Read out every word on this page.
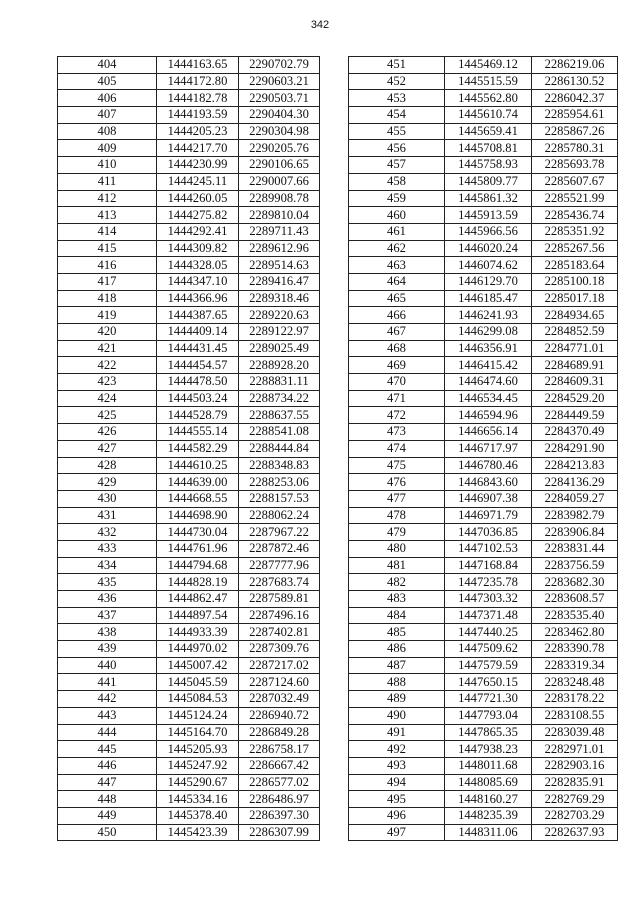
342
404	1444163.65	2290702.79
405	1444172.80	2290603.21
406	1444182.78	2290503.71
407	1444193.59	2290404.30
408	1444205.23	2290304.98
409	1444217.70	2290205.76
410	1444230.99	2290106.65
411	1444245.11	2290007.66
412	1444260.05	2289908.78
413	1444275.82	2289810.04
414	1444292.41	2289711.43
415	1444309.82	2289612.96
416	1444328.05	2289514.63
417	1444347.10	2289416.47
418	1444366.96	2289318.46
419	1444387.65	2289220.63
420	1444409.14	2289122.97
421	1444431.45	2289025.49
422	1444454.57	2288928.20
423	1444478.50	2288831.11
424	1444503.24	2288734.22
425	1444528.79	2288637.55
426	1444555.14	2288541.08
427	1444582.29	2288444.84
428	1444610.25	2288348.83
429	1444639.00	2288253.06
430	1444668.55	2288157.53
431	1444698.90	2288062.24
432	1444730.04	2287967.22
433	1444761.96	2287872.46
434	1444794.68	2287777.96
435	1444828.19	2287683.74
436	1444862.47	2287589.81
437	1444897.54	2287496.16
438	1444933.39	2287402.81
439	1444970.02	2287309.76
440	1445007.42	2287217.02
441	1445045.59	2287124.60
442	1445084.53	2287032.49
443	1445124.24	2286940.72
444	1445164.70	2286849.28
445	1445205.93	2286758.17
446	1445247.92	2286667.42
447	1445290.67	2286577.02
448	1445334.16	2286486.97
449	1445378.40	2286397.30
450	1445423.39	2286307.99
451	1445469.12	2286219.06
452	1445515.59	2286130.52
453	1445562.80	2286042.37
454	1445610.74	2285954.61
455	1445659.41	2285867.26
456	1445708.81	2285780.31
457	1445758.93	2285693.78
458	1445809.77	2285607.67
459	1445861.32	2285521.99
460	1445913.59	2285436.74
461	1445966.56	2285351.92
462	1446020.24	2285267.56
463	1446074.62	2285183.64
464	1446129.70	2285100.18
465	1446185.47	2285017.18
466	1446241.93	2284934.65
467	1446299.08	2284852.59
468	1446356.91	2284771.01
469	1446415.42	2284689.91
470	1446474.60	2284609.31
471	1446534.45	2284529.20
472	1446594.96	2284449.59
473	1446656.14	2284370.49
474	1446717.97	2284291.90
475	1446780.46	2284213.83
476	1446843.60	2284136.29
477	1446907.38	2284059.27
478	1446971.79	2283982.79
479	1447036.85	2283906.84
480	1447102.53	2283831.44
481	1447168.84	2283756.59
482	1447235.78	2283682.30
483	1447303.32	2283608.57
484	1447371.48	2283535.40
485	1447440.25	2283462.80
486	1447509.62	2283390.78
487	1447579.59	2283319.34
488	1447650.15	2283248.48
489	1447721.30	2283178.22
490	1447793.04	2283108.55
491	1447865.35	2283039.48
492	1447938.23	2282971.01
493	1448011.68	2282903.16
494	1448085.69	2282835.91
495	1448160.27	2282769.29
496	1448235.39	2282703.29
497	1448311.06	2282637.93
